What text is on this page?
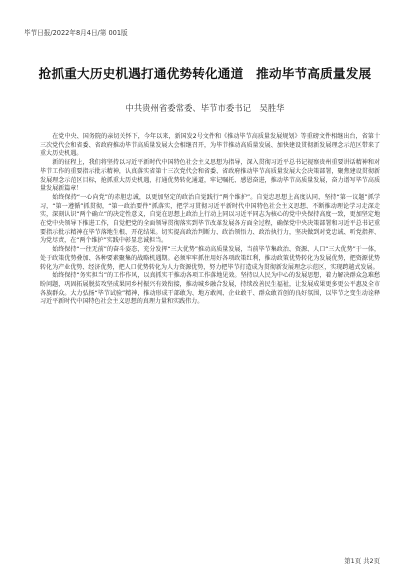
毕节日报/2022年8月4日/第 001版
抢抓重大历史机遇打通优势转化通道　推动毕节高质量发展
中共贵州省委常委、毕节市委书记　吴胜华

在党中央、国务院的亲切关怀下，今年以来，新国发2号文件和《推动毕节高质量发展规划》等重磅文件相继出台，省第十三次党代会和省委、省政府推动毕节高质量发展大会相继召开，为毕节推动高质量发展、加快建设贯彻新发展理念示范区带来了重大历史机遇。

新的征程上，我们将坚持以习近平新时代中国特色社会主义思想为指导，深入贯彻习近平总书记视察贵州重要讲话精神和对毕节工作的重要指示批示精神，认真落实省第十三次党代会和省委、省政府推动毕节高质量发展大会决策部署，聚焦建设贯彻新发展理念示范区目标，抢抓重大历史机遇，打通优势转化通道，牢记嘱托、感恩奋进，推动毕节高质量发展，奋力谱写毕节高质量发展新篇章！

始终保持“一心向党”的赤胆忠诚，以更加坚定的政治自觉践行“两个维护”。自觉忠思想上高度认同，坚持“第一议题”抓学习，“第一遵循”抓贯彻，“第一政治要件”抓落实，把学习贯彻习近平新时代中国特色社会主义思想、不断推动理论学习走深走实，深刻认识“两个确立”的决定性意义，自觉在思想上政治上行动上同以习近平同志为核心的党中央保持高度一致，更加坚定地在党中央领导下推进工作，自觉把党的全面领导贯彻落实到毕节改革发展各方面全过程，确保党中央决策部署和习近平总书记重要指示批示精神在毕节落地生根、开花结果。切实提高政治判断力、政治领悟力、政治执行力，坚决做到对党忠诚、听党指挥、为党尽责，在“两个维护”实践中彰显忠诚担当。

始终保持“一往无前”的奋斗姿态，充分发挥“三大优势”推动高质量发展，当前毕节集政治、资源、人口“三大优势”于一体，处于政策优势叠加、各种要素聚集的战略机遇期。必须牢牢抓住用好各项政策红利，推动政策优势转化为发展优势，把资源优势转化为产业优势、经济优势，把人口优势转化为人力资源优势，努力把毕节打造成为贯彻新发展理念示范区，实现跨越式发展。

始终保持“务实担当”的工作作风，以真抓实干推动各项工作落地见效。坚持以人民为中心的发展思想，着力解决群众急难愁盼问题，巩固拓展脱贫攻坚成果同乡村振兴有效衔接，推动城乡融合发展，持续改善民生福祉，让发展成果更多更公平惠及全市各族群众。大力弘扬“毕节试验”精神，推动形成干部敢为、地方敢闯、企业敢干、群众敢首创的良好氛围，以毕节之变生动诠释习近平新时代中国特色社会主义思想的真理力量和实践伟力。

第1页 共2页
